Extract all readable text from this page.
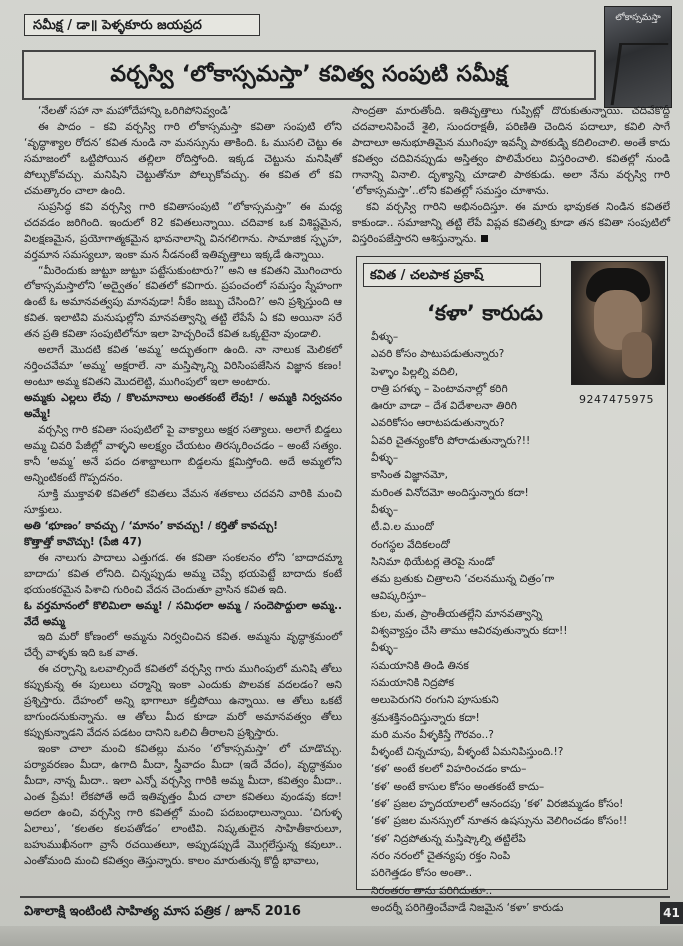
సమీక్ష / డా॥ పెళ్ళకూరు జయప్రద	లోకాస్సమస్తా
వర్చస్వి ‘లోకాస్సమస్తా’ కవిత్వ సంపుటి సమీక్ష

‘నేలతో సహా నా మహోదేహాన్ని ఒరిగిపోనివ్వండి’

ఈ పాదం – కవి వర్చస్వి గారి లోకాస్సమస్తా కవితా సంపుటి లోని ‘వృద్ధాశ్యాల రోదన’ కవిత నుండి నా మనస్సును తాకింది. ఓ ముసలి చెట్టు ఈ సమాజంలో ఒట్టిపోయిన తల్లిలా రోదిస్తోంది. ఇక్కడ చెట్టును మనిషితో పోల్చుకోవచ్చు. మనిషిని చెట్టుతోనూ పోల్చుకోవచ్చు. ఈ కవిత లో కవి చమత్కారం చాలా ఉంది.

సుప్రసిద్ధ కవి వర్చస్వి గారి కవితాసంపుటి “లోకాస్సమస్తా” ఈ మధ్య చదవడం జరిగింది. ఇందులో 82 కవితలున్నాయి. చదివాక ఒక విశిష్టమైన, విలక్షణమైన, ప్రయోగాత్మకమైన భావనాలాన్ని వినగలిగాను. సామాజిక స్పృహ, వర్తమాన సమస్యలూ, ఇంకా మన నీడనంటే ఇతివృత్తాలు ఇక్కడే ఉన్నాయి.

“మీరెందుకు జుట్టూ జుట్టూ పట్టేసుకుంటారు?” అని ఆ కవితని మొగించారు లోకాస్సమస్తాలోని ‘అద్వైతం’ కవితలో కవిగారు. ప్రపంచంలో సమస్తం స్నేహంగా ఉంటే ఓ అమానవత్వపు మానవుడా! నీకేం జబ్బు చేసింది?’ అని ప్రశ్నిస్తుంది ఆ కవిత. ఇలాటివి మనుషుల్లోని మానవత్వాన్ని తట్టి లేపేసే ఏ కవి అయినా సరే తన ప్రతి కవితా సంపుటిలోనూ ఇలా హెచ్చరించే కవిత ఒక్కటైనా వుండాలి.

అలాగే మొదటి కవిత ‘అమ్మ’ అద్భుతంగా ఉంది. నా నాలుక మెలికలో నర్తించవేమా ‘అమ్మ’ అక్షరాలే. నా మస్తిష్కాన్ని విరిసింపజేసిన విజ్ఞాన కణం! అంటూ అమ్మ కవితని మొదలెట్టి, ముగింపులో ఇలా అంటారు.

అమ్మకు ఎల్లలు లేవు / కొలమానాలు అంతకంటే లేవు! / అమ్మకి నిర్వచనం అమ్మే!

వర్చస్వి గారి కవితా సంపుటిలో పై వాక్యాలు అక్షర సత్యాలు. అలాగే బిడ్డలు అమ్మ చివరి పేజీల్లో వాళ్ళని అలక్ష్యం చేయటం తిరస్కరించడం – అంటే సత్యం. కానీ ‘అమ్మ’ అనే పదం దశాబ్దాలుగా బిడ్డలను క్షమిస్తోంది. అదే అమ్మలోని అన్నింటికంటే గొప్పదనం.

సూక్తి ముక్తావళి కవితలో కవితలు వేమన శతకాలు చదవని వారికి మంచి సూక్తులు.

అతి ‘భూణం’ కావచ్చు / ‘మానం’ కావచ్చు! / కర్తితో కావచ్చు!

కొత్తాత్తో కావొచ్చు! (పేజి 47)

ఈ నాలుగు పాదాలు ఎత్తుగడ. ఈ కవితా సంకలనం లోని ‘బాదాదమ్మా బాదాదు’ కవిత లోనిది. చిన్నప్పుడు అమ్మ చెప్పే భయపెట్టే బాదాదు కంటే భయంకరమైన పిశాచి గురించి వేదన చెందుతూ వ్రాసిన కవిత ఇది.

ఓ వర్తమానంలో కొలిమిలా అమ్మ! / సమిధలా అమ్మ / సందెపొద్దులా అమ్మ.. వేదే అమ్మ

ఇది మరో కోణంలో అమ్మను నిర్వచించిన కవిత. అమ్మను వృద్ధాశ్రమంలో చేర్చే వాళ్ళకు ఇది ఒక వాత.

ఈ చర్చాన్ని ఒలవాల్సిందే కవితలో వర్చస్వి గారు ముగింపులో మనిషి తోలు కప్పుకున్న ఈ పులులు చర్మాన్ని ఇంకా ఎందుకు పొలవక వదలడం? అని ప్రశ్నిస్తారు. దేహంలో అన్ని భాగాలూ కల్తీపోయి ఉన్నాయి. ఆ తోలు ఒకటే బాగుందనుకున్నాను. ఆ తోలు మీద కూడా మరో అమానవత్వం తోలు కప్పుకున్నాడని వేదన పడటం దానిని ఒలిచి తీరాలని ప్రశ్నిస్తారు.

ఇంకా చాలా మంచి కవితల్లు మనం ‘లోకాస్సమస్తా’ లో చూడొచ్చు. పర్యావరణం మీదా, ఉగాది మీదా, స్త్రీవాదం మీదా (ఇదే వేదం), వృద్ధాశ్రమం మీదా, నాన్న మీదా.. ఇలా ఎన్నో వర్చస్వి గారికి అమ్మ మీదా, కవిత్వం మీదా.. ఎంత ప్రేమ! లేకపోతే అదే ఇతివృత్తం మీద చాలా కవితలు వుండవు కదా! అదలా ఉంచి, వర్చస్వి గారి కవితల్లో మంచి పదబంధాలున్నాయి. ‘చిగుళ్ళ ఏలాలు’, ‘కలతల కలపతోడం’ లాంటివి. నిష్కతులైన సాహితీకారులూ, బహుముఖీనంగా వ్రాసే రచయితలూ, అప్పుడప్పుడే మొగ్గలేస్తున్న కవులూ.. ఎంతోమంది మంచి కవిత్వం తెస్తున్నారు. కాలం మారుతున్న కొద్దీ భావాలు,

సాంద్రతా మారుతోంది. ఇతివృత్తాలు గుప్పిట్లో దొరుకుతున్నాయి. చదివేకొద్దీ చదవాలనిపించే శైలి, సుందరాక్షతీ, పరిణితి చెందిన పదాలూ, కవిలి సాగే పాదాలూ అనుభూతిమైన ముగింపూ ఇవన్నీ పాఠకుడ్ని కదిలించాలి. అంతే కాదు కవిత్వం చదివినప్పుడు అస్తిత్వం పొలిమేరలు విస్తరించాలి. కవితల్లో నుండి గానాన్ని వినాలి. దృశ్యాన్ని చూడాలి పాఠకుడు. అలా నేను వర్చస్వి గారి ‘లోకాస్సమస్తా’..లోని కవితల్లో సమస్తం చూశాను.

కవి వర్చస్వి గారిని అభినందిస్తూ. ఈ మారు భావుకత నిండిన కవితలే కాకుండా.. సమాజాన్ని తట్టి లేపే విప్లవ కవితల్ని కూడా తన కవితా సంపుటిలో విస్తరింపజేస్తారని ఆశిస్తున్నాను.

కవిత / చలపాక ప్రకాష్
‘కళా’ కారుడు
9247475975
వీళ్ళు–
ఎవరి కోసం పాటుపడుతున్నారు?
పెళ్ళాం పిల్లల్ని వదిలి,
రాత్రి పగళ్ళు – పెంటావనాల్లో కరిగి
ఊరూ వాడా – దేశ విదేశాలనా తిరిగి
ఎవరికోసం ఆరాటపడుతున్నారు?
ఏవరి చైతన్యంకోరి పోరాడుతున్నారు?!!
వీళ్ళు–
కాసింత విజ్ఞానమో,
మరింత వినోదమో అందిస్తున్నారు కదా!
వీళ్ళు–
టీ.వి.ల ముందో
రంగస్థల వేదికలందో
సినిమా థియేటర్ల తెరపై నుండో
తమ బ్రతుకు చిత్రాలని ‘చలనమున్న చిత్రం’గా
ఆవిష్కరిస్తూ–
కుల, మత, ప్రాంతీయతల్లేని మానవత్వాన్ని
విశ్వవ్యాప్తం చేసి తాము ఆవిరవుతున్నారు కదా!!
వీళ్ళు–
సమయానికి తిండి తినక
సమయానికి నిద్రపోక
అలుపెరుగని రంగుని పూసుకుని
శ్రమశక్తినందిస్తున్నారు కదా!
మరి మనం వీళ్ళకిస్తే గౌరవం..?
వీళ్ళంటే చిన్నచూపు, వీళ్ళంటే ఏమనిపిస్తుంది.!?
‘కళ’ అంటే కలలో విహరించడం కాదు–
‘కళ’ అంటే కాసుల కోసం అంతకంటే కాదు–
‘కళ’ ప్రజల హృదయాలలో ఆనందపు ‘కళ’ విరజిమ్మడం కోసం!
‘కళ’ ప్రజల మనస్సులో నూతన ఉషస్సును వెలిగించడం కోసం!!
‘కళ’ నిద్రపోతున్న మస్తిష్కాల్ని తట్టిలేపి
నరం నరంలో చైతన్యపు రక్తం నింపి
పరిగెత్తడం కోసం అంతా..
నిరంతరం తాను పరిగిదుతూ..
అందర్నీ పరిగెత్తించేవాడే నిజమైన ‘కళా’ కారుడు
విశాలాక్షి ఇంటింటి సాహిత్య మాస పత్రిక / జూన్ 2016	41
